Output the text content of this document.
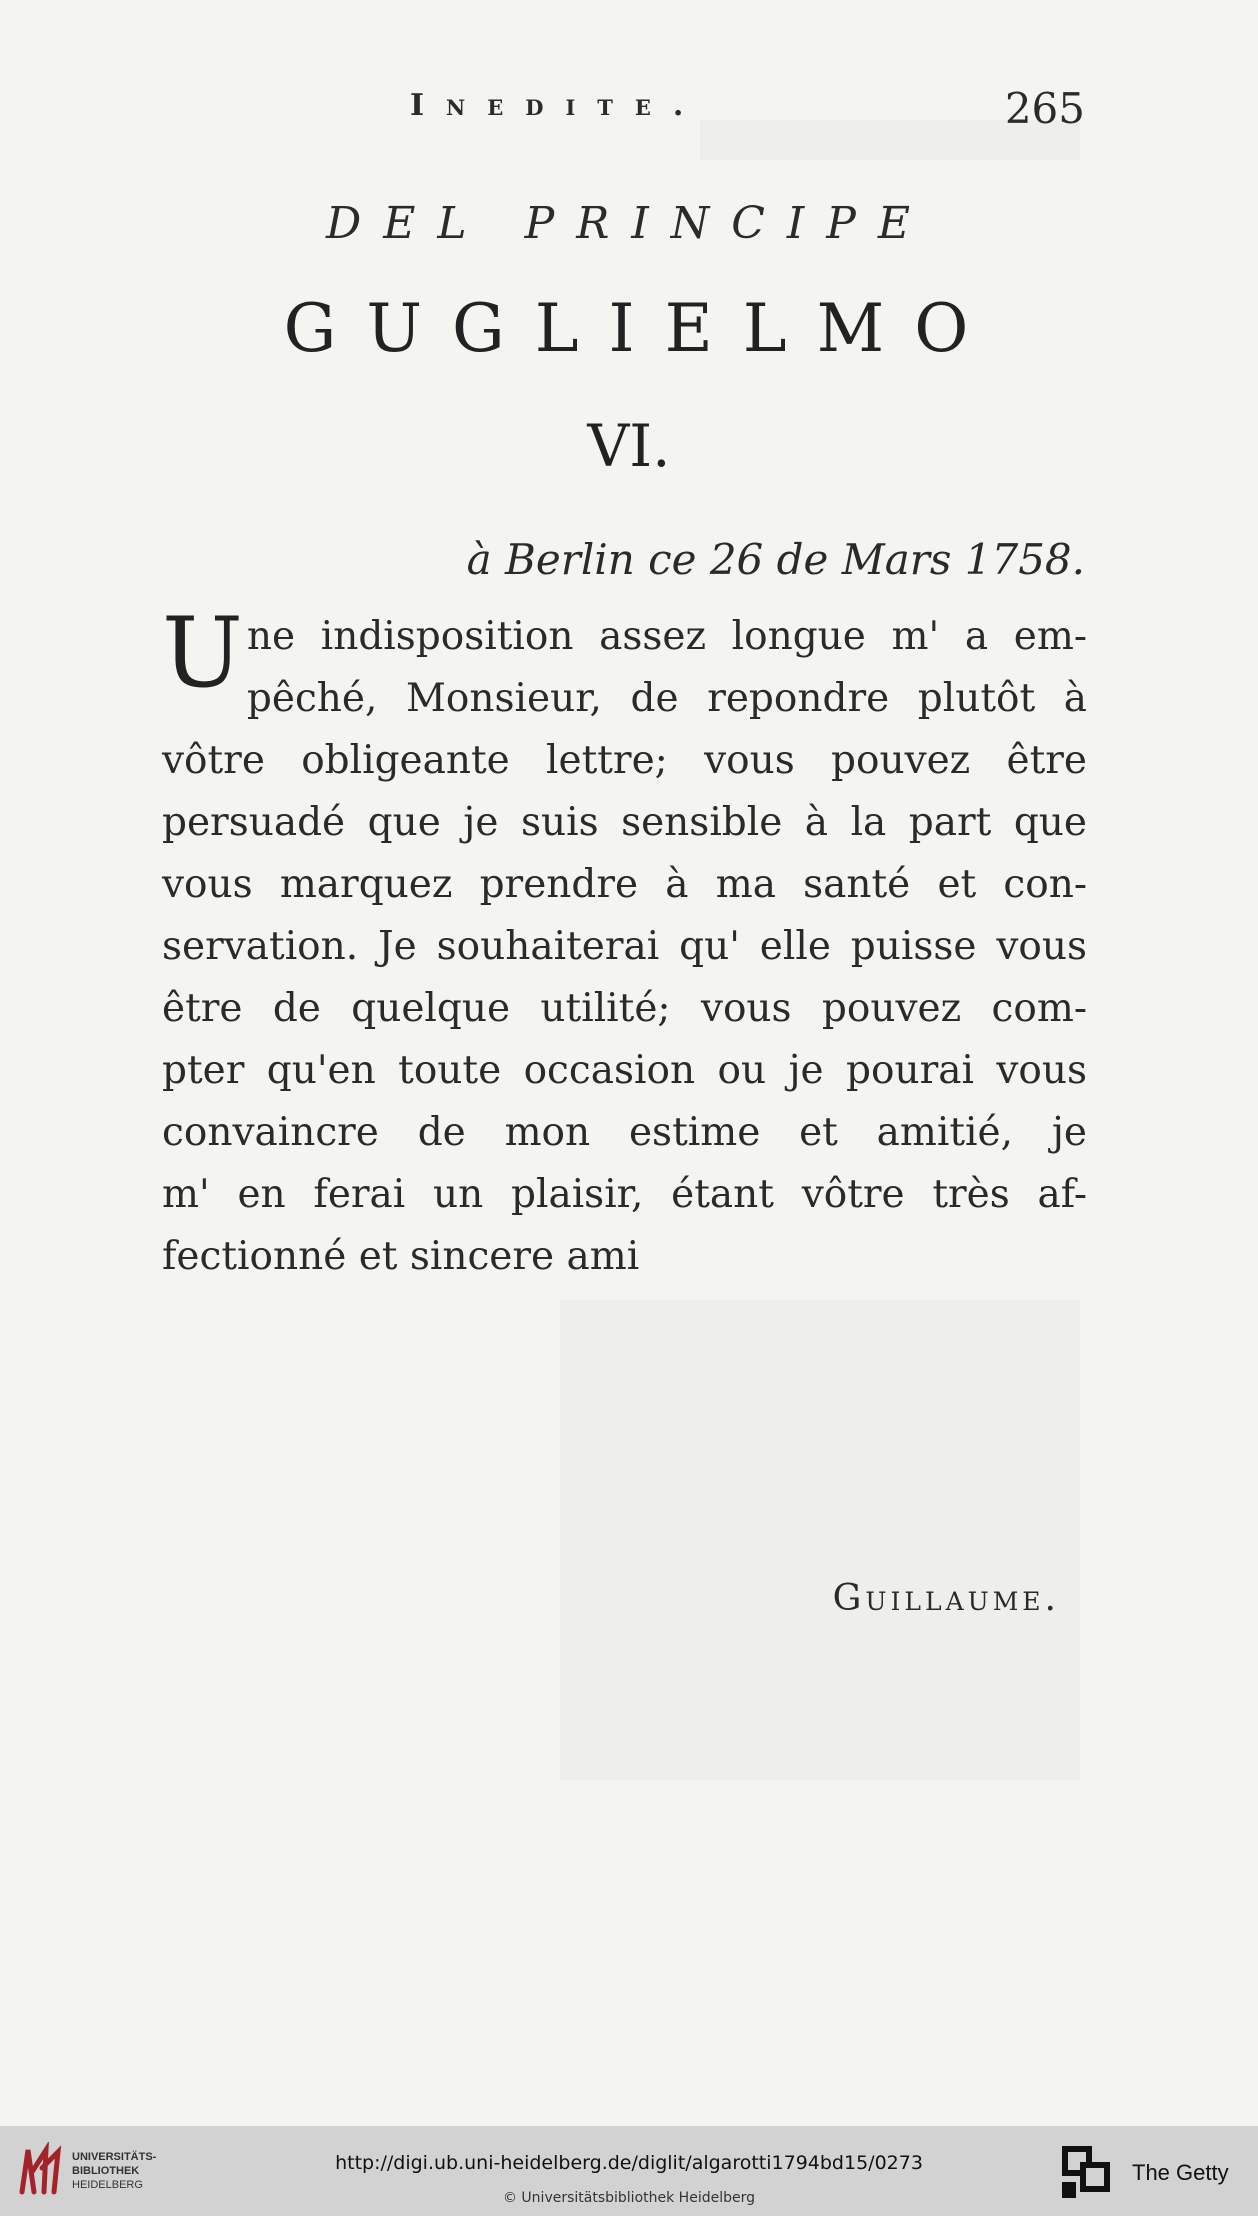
Inedite.	265
DEL PRINCIPE
GUGLIELMO
VI.
à Berlin ce 26 de Mars 1758.
U ne indisposition assez longue m' a em-
pêché, Monsieur, de repondre plutôt à
vôtre obligeante lettre; vous pouvez être
persuadé que je suis sensible à la part que
vous marquez prendre à ma santé et con-
servation. Je souhaiterai qu' elle puisse vous
être de quelque utilité; vous pouvez com-
pter qu'en toute occasion ou je pourai vous
convaincre de mon estime et amitié, je
m' en ferai un plaisir, étant vôtre très af-
fectionné et sincere ami
Guillaume.
UNIVERSITÄTS-
BIBLIOTHEK
HEIDELBERG
http://digi.ub.uni-heidelberg.de/diglit/algarotti1794bd15/0273
© Universitätsbibliothek Heidelberg
The Getty
